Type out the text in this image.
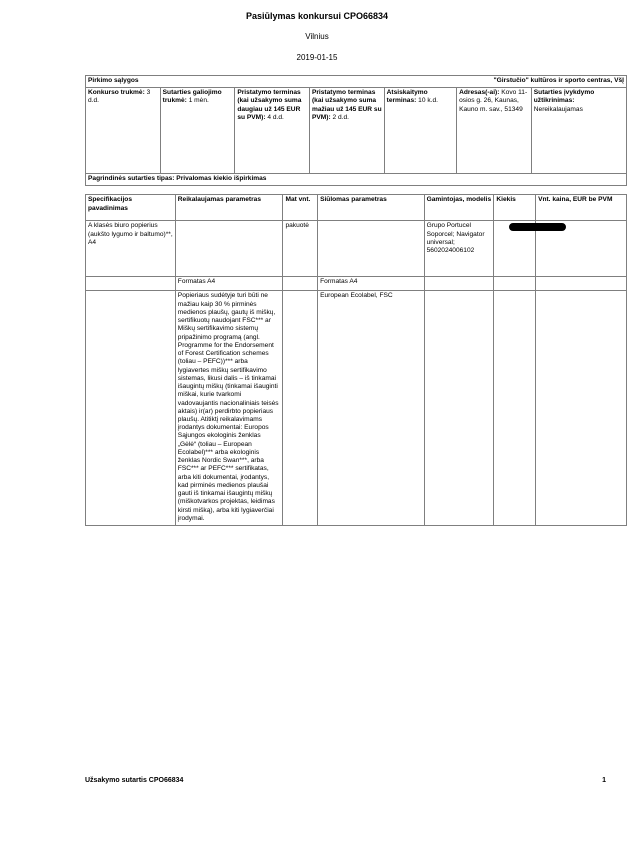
Pasiūlymas konkursui CPO66834
Vilnius
2019-01-15
Pirkimo sąlygos	"Girstučio" kultūros ir sporto centras, VšĮ

Konkurso trukmė: 3 d.d.	Sutarties galiojimo trukmė: 1 mėn.	Pristatymo terminas (kai užsakymo suma daugiau už 145 EUR su PVM): 4 d.d.	Pristatymo terminas (kai užsakymo suma mažiau už 145 EUR su PVM): 2 d.d.	Atsiskaitymo terminas: 10 k.d.	Adresas(-ai): Kovo 11-osios g. 26, Kaunas, Kauno m. sav., 51349	Sutarties įvykdymo užtikrinimas: Nereikalaujamas
Pagrindinės sutarties tipas: Privalomas kiekio išpirkimas
Specifikacijos pavadinimas	Reikalaujamas parametras	Mat vnt.	Siūlomas parametras	Gamintojas, modelis	Kiekis	Vnt. kaina, EUR be PVM
A klasės biuro popierius (aukšto lygumo ir baltumo)**, A4		pakuotė		Grupo Portucel Soporcel; Navigator universal; 5602024006102		

	Formatas A4		Formatas A4			
	Popieriaus sudėtyje turi būti ne mažiau kaip 30 % pirminės medienos plaušų, gautų iš miškų, sertifikuotų naudojant FSC*** ar Miškų sertifikavimo sistemų pripažinimo programą (angl. Programme for the Endorsement of Forest Certification schemes (toliau – PEFC))*** arba lygiavertes miškų sertifikavimo sistemas, likusi dalis – iš tinkamai išaugintų miškų (tinkamai išauginti miškai, kurie tvarkomi vadovaujantis nacionaliniais teisės aktais) ir(ar) perdirbto popieriaus plaušų. Atitiktį reikalavimams įrodantys dokumentai: Europos Sąjungos ekologinis ženklas „Gėlė“ (toliau – European Ecolabel)*** arba ekologinis ženklas Nordic Swan***, arba FSC*** ar PEFC*** sertifikatas, arba kiti dokumentai, įrodantys, kad pirminės medienos plaušai gauti iš tinkamai išaugintų miškų (miškotvarkos projektas, leidimas kirsti mišką), arba kiti lygiaverčiai įrodymai.		European Ecolabel, FSC			
Užsakymo sutartis CPO66834	1
